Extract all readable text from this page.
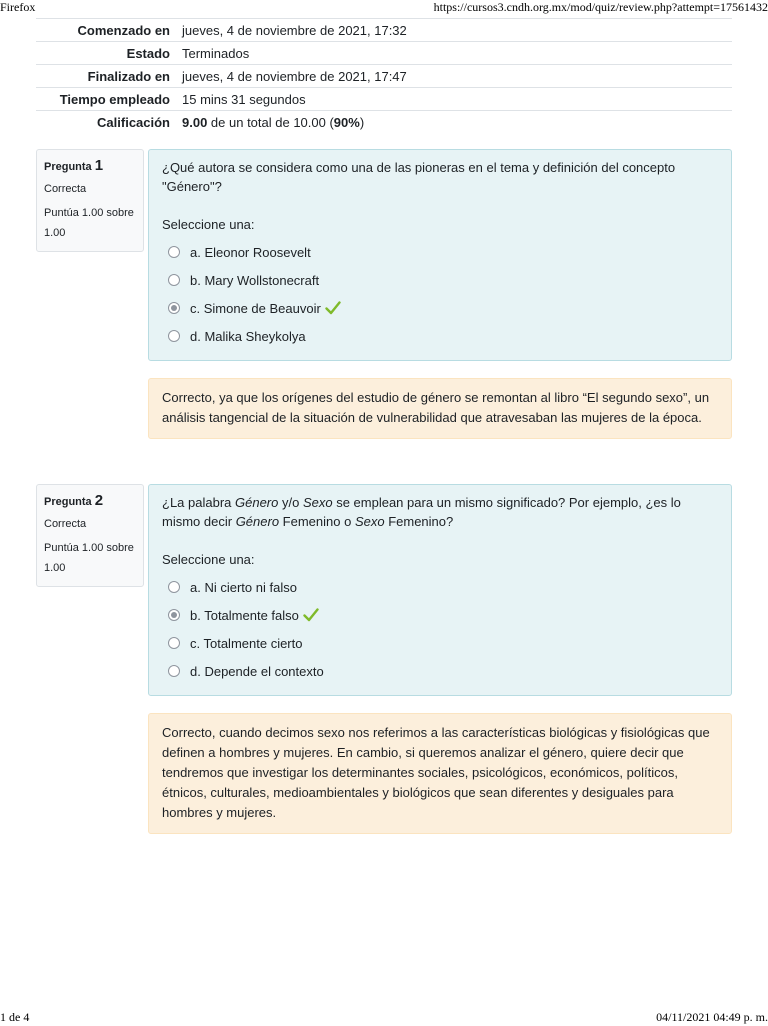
Firefox	https://cursos3.cndh.org.mx/mod/quiz/review.php?attempt=17561432
Comenzado en jueves, 4 de noviembre de 2021, 17:32
Estado Terminados
Finalizado en jueves, 4 de noviembre de 2021, 17:47
Tiempo empleado 15 mins 31 segundos
Calificación 9.00 de un total de 10.00 (90%)
Pregunta 1
Correcta
Puntúa 1.00 sobre 1.00

¿Qué autora se considera como una de las pioneras en el tema y definición del concepto "Género"?

Seleccione una:

a. Eleonor Roosevelt
b. Mary Wollstonecraft
c. Simone de Beauvoir
d. Malika Sheykolya
Correcto, ya que los orígenes del estudio de género se remontan al libro “El segundo sexo”, un análisis tangencial de la situación de vulnerabilidad que atravesaban las mujeres de la época.
Pregunta 2
Correcta
Puntúa 1.00 sobre 1.00

¿La palabra Género y/o Sexo se emplean para un mismo significado? Por ejemplo, ¿es lo mismo decir Género Femenino o Sexo Femenino?

Seleccione una:

a. Ni cierto ni falso
b. Totalmente falso
c. Totalmente cierto
d. Depende el contexto
Correcto, cuando decimos sexo nos referimos a las características biológicas y fisiológicas que definen a hombres y mujeres. En cambio, si queremos analizar el género, quiere decir que tendremos que investigar los determinantes sociales, psicológicos, económicos, políticos, étnicos, culturales, medioambientales y biológicos que sean diferentes y desiguales para hombres y mujeres.
1 de 4	04/11/2021 04:49 p. m.
